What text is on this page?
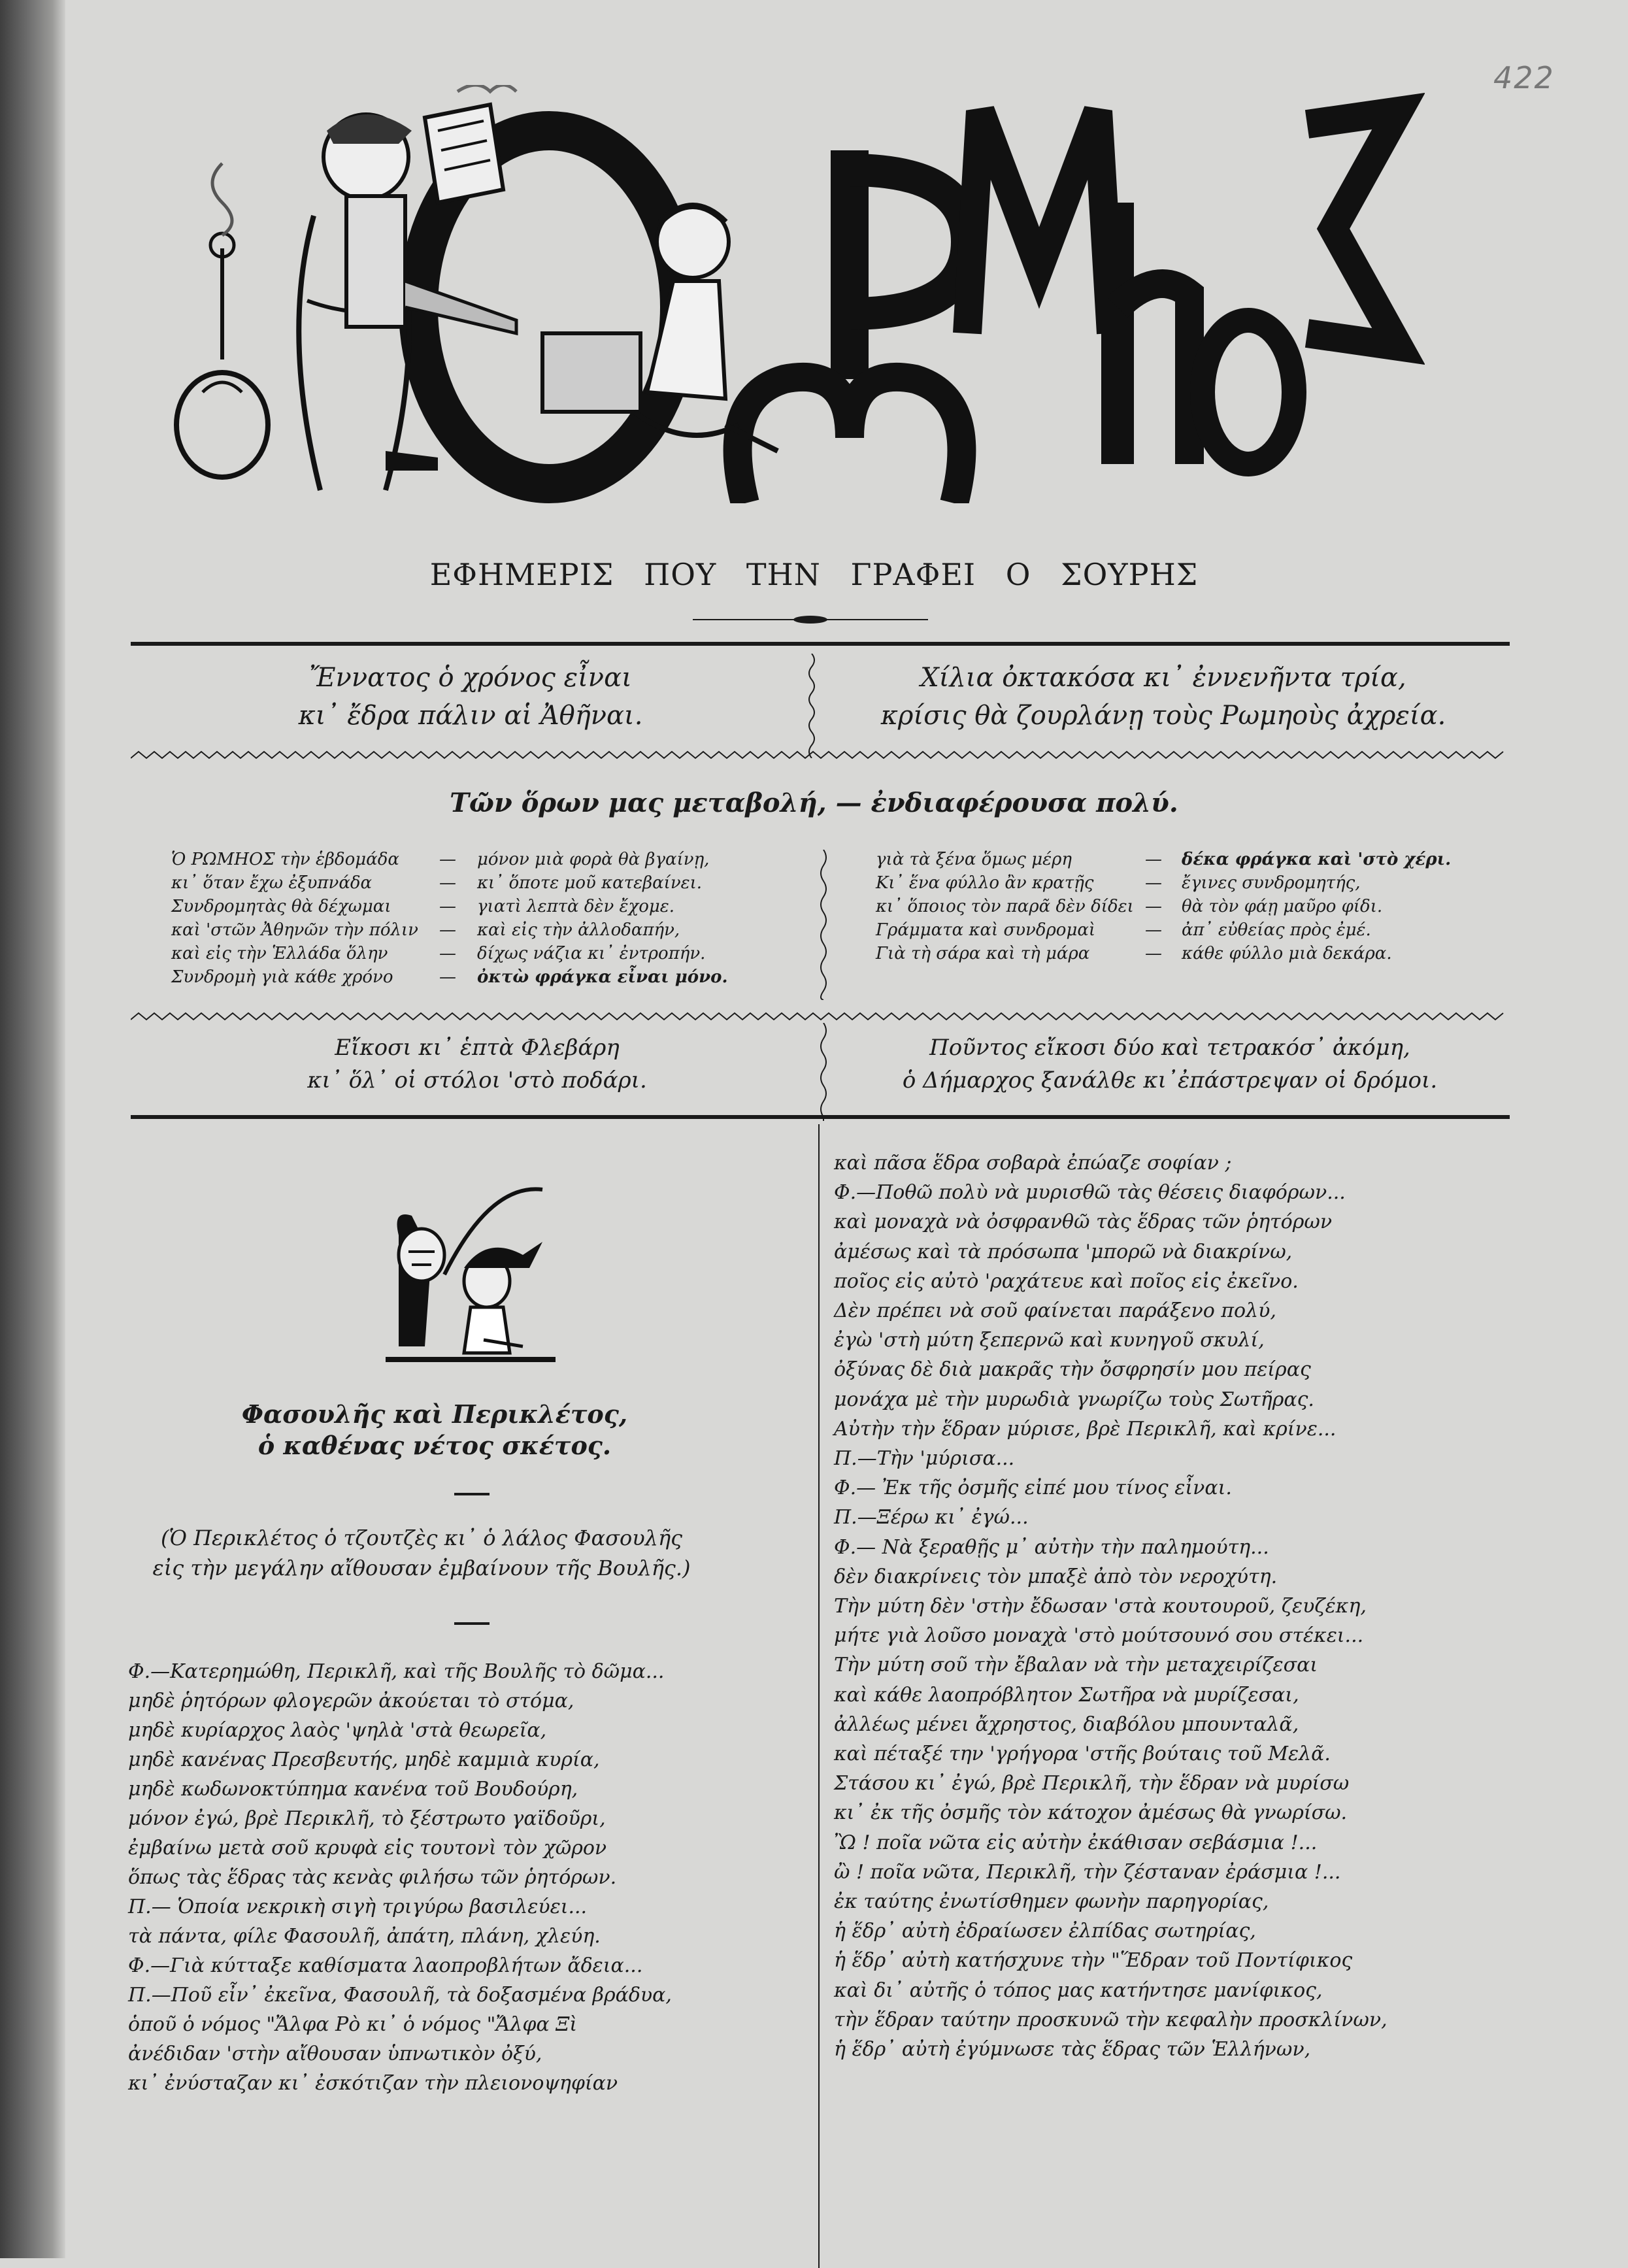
422
ΕΦΗΜΕΡΙΣ ΠΟΥ ΤΗΝ ΓΡΑΦΕΙ Ο ΣΟΥΡΗΣ
Ἔννατος ὁ χρόνος εἶναι
κι᾽ ἔδρα πάλιν αἱ Ἀθῆναι.
Χίλια ὀκτακόσα κι᾽ ἐννενῆντα τρία,
κρίσις θὰ ζουρλάνῃ τοὺς Ρωμηοὺς ἀχρεία.
Τῶν ὅρων μας μεταβολή, — ἐνδιαφέρουσα πολύ.
Ὁ ΡΩΜΗΟΣ τὴν ἑβδομάδα — μόνον μιὰ φορὰ θὰ βγαίνῃ,
κι᾽ ὅταν ἔχω ἐξυπνάδα	— κι᾽ ὅποτε μοῦ κατεβαίνει.
Συνδρομητὰς θὰ δέχωμαι	— γιατὶ λεπτὰ δὲν ἔχομε.
καὶ 'στῶν Ἀθηνῶν τὴν πόλιν — καὶ εἰς τὴν ἀλλοδαπήν,
καὶ εἰς τὴν Ἑλλάδα ὅλην	— δίχως νάζια κι᾽ ἐντροπήν.
Συνδρομὴ γιὰ κάθε χρόνο	— ὀκτὼ φράγκα εἶναι μόνο.
γιὰ τὰ ξένα ὅμως μέρη	— δέκα φράγκα καὶ 'στὸ χέρι.
Κι᾽ ἕνα φύλλο ἂν κρατῇς	— ἔγινες συνδρομητής,
κι᾽ ὅποιος τὸν παρᾶ δὲν δίδει — θὰ τὸν φάῃ μαῦρο φίδι.
Γράμματα καὶ συνδρομαὶ	— ἀπ᾽ εὐθείας πρὸς ἐμέ.
Γιὰ τὴ σάρα καὶ τὴ μάρα	— κάθε φύλλο μιὰ δεκάρα.
Εἴκοσι κι᾽ ἑπτὰ Φλεβάρη
κι᾽ ὅλ᾽ οἱ στόλοι 'στὸ ποδάρι.
Ποῦντος εἴκοσι δύο καὶ τετρακόσ᾽ ἀκόμη,
ὁ Δήμαρχος ξανάλθε κι᾽ἐπάστρεψαν οἱ δρόμοι.
Φασουλῆς καὶ Περικλέτος,
ὁ καθένας νέτος σκέτος.
(Ὁ Περικλέτος ὁ τζουτζὲς κι᾽ ὁ λάλος Φασουλῆς
εἰς τὴν μεγάλην αἴθουσαν ἐμβαίνουν τῆς Βουλῆς.)
Φ.—Κατερημώθη, Περικλῆ, καὶ τῆς Βουλῆς τὸ δῶμα...
μηδὲ ῥητόρων φλογερῶν ἀκούεται τὸ στόμα,
μηδὲ κυρίαρχος λαὸς 'ψηλὰ 'στὰ θεωρεῖα,
μηδὲ κανένας Πρεσβευτής, μηδὲ καμμιὰ κυρία,
μηδὲ κωδωνοκτύπημα κανένα τοῦ Βουδούρη,
μόνον ἐγώ, βρὲ Περικλῆ, τὸ ξέστρωτο γαϊδοῦρι,
ἐμβαίνω μετὰ σοῦ κρυφὰ εἰς τουτονὶ τὸν χῶρον
ὅπως τὰς ἕδρας τὰς κενὰς φιλήσω τῶν ῥητόρων.
Π.— Ὁποία νεκρικὴ σιγὴ τριγύρω βασιλεύει...
τὰ πάντα, φίλε Φασουλῆ, ἀπάτη, πλάνη, χλεύη.
Φ.—Γιὰ κύτταξε καθίσματα λαοπροβλήτων ἄδεια...
Π.—Ποῦ εἶν᾽ ἐκεῖνα, Φασουλῆ, τὰ δοξασμένα βράδυα,
ὁποῦ ὁ νόμος "Ἄλφα Ρὸ κι᾽ ὁ νόμος "Ἄλφα Ξὶ
ἀνέδιδαν 'στὴν αἴθουσαν ὑπνωτικὸν ὀξύ,
κι᾽ ἐνύσταζαν κι᾽ ἐσκότιζαν τὴν πλειονοψηφίαν
καὶ πᾶσα ἕδρα σοβαρὰ ἐπώαζε σοφίαν ;
Φ.—Ποθῶ πολὺ νὰ μυρισθῶ τὰς θέσεις διαφόρων...
καὶ μοναχὰ νὰ ὀσφρανθῶ τὰς ἕδρας τῶν ῥητόρων
ἀμέσως καὶ τὰ πρόσωπα 'μπορῶ νὰ διακρίνω,
ποῖος εἰς αὐτὸ 'ραχάτευε καὶ ποῖος εἰς ἐκεῖνο.
Δὲν πρέπει νὰ σοῦ φαίνεται παράξενο πολύ,
ἐγὼ 'στὴ μύτη ξεπερνῶ καὶ κυνηγοῦ σκυλί,
ὀξύνας δὲ διὰ μακρᾶς τὴν ὄσφρησίν μου πείρας
μονάχα μὲ τὴν μυρωδιὰ γνωρίζω τοὺς Σωτῆρας.
Αὐτὴν τὴν ἕδραν μύρισε, βρὲ Περικλῆ, καὶ κρίνε...
Π.—Τὴν 'μύρισα...
Φ.— Ἐκ τῆς ὀσμῆς εἰπέ μου τίνος εἶναι.
Π.—Ξέρω κι᾽ ἐγώ...
Φ.— Νὰ ξεραθῇς μ᾽ αὐτὴν τὴν παλημούτη...
δὲν διακρίνεις τὸν μπαξὲ ἀπὸ τὸν νεροχύτη.
Τὴν μύτη δὲν 'στὴν ἔδωσαν 'στὰ κουτουροῦ, ζευζέκη,
μήτε γιὰ λοῦσο μοναχὰ 'στὸ μούτσουνό σου στέκει...
Τὴν μύτη σοῦ τὴν ἔβαλαν νὰ τὴν μεταχειρίζεσαι
καὶ κάθε λαοπρόβλητον Σωτῆρα νὰ μυρίζεσαι,
ἀλλέως μένει ἄχρηστος, διαβόλου μπουνταλᾶ,
καὶ πέταξέ την 'γρήγορα 'στῆς βούταις τοῦ Μελᾶ.
Στάσου κι᾽ ἐγώ, βρὲ Περικλῆ, τὴν ἕδραν νὰ μυρίσω
κι᾽ ἐκ τῆς ὀσμῆς τὸν κάτοχον ἀμέσως θὰ γνωρίσω.
Ὢ ! ποῖα νῶτα εἰς αὐτὴν ἐκάθισαν σεβάσμια !...
ὢ ! ποῖα νῶτα, Περικλῆ, τὴν ζέσταναν ἐράσμια !...
ἐκ ταύτης ἐνωτίσθημεν φωνὴν παρηγορίας,
ἡ ἕδρ᾽ αὐτὴ ἐδραίωσεν ἐλπίδας σωτηρίας,
ἡ ἕδρ᾽ αὐτὴ κατήσχυνε τὴν "Ἕδραν τοῦ Ποντίφικος
καὶ δι᾽ αὐτῆς ὁ τόπος μας κατήντησε μανίφικος,
τὴν ἕδραν ταύτην προσκυνῶ τὴν κεφαλὴν προσκλίνων,
ἡ ἕδρ᾽ αὐτὴ ἐγύμνωσε τὰς ἕδρας τῶν Ἑλλήνων,
